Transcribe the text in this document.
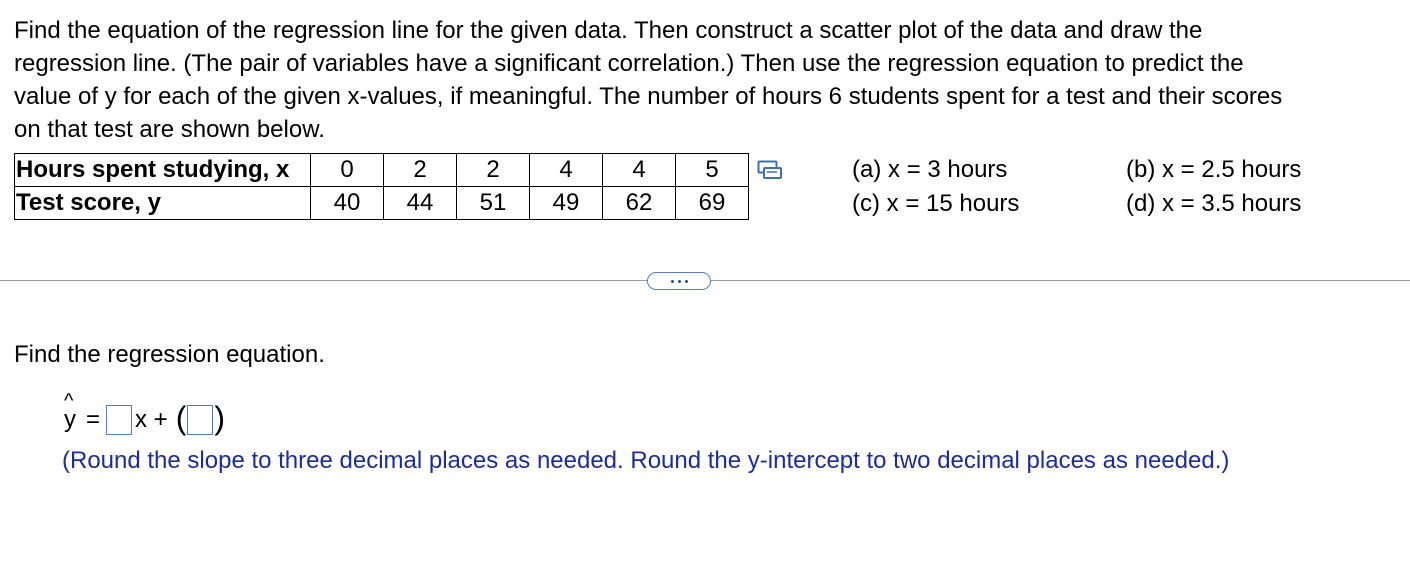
Find the equation of the regression line for the given data. Then construct a scatter plot of the data and draw the
regression line. (The pair of variables have a significant correlation.) Then use the regression equation to predict the
value of y for each of the given x-values, if meaningful. The number of hours 6 students spent for a test and their scores
on that test are shown below.
Hours spent studying, x	0	2	2	4	4	5
Test score, y	40	44	51	49	62	69
(a) x = 3 hours
(c) x = 15 hours
(b) x = 2.5 hours
(d) x = 3.5 hours
Find the regression equation.
^
y = x + ( )
(Round the slope to three decimal places as needed. Round the y-intercept to two decimal places as needed.)
